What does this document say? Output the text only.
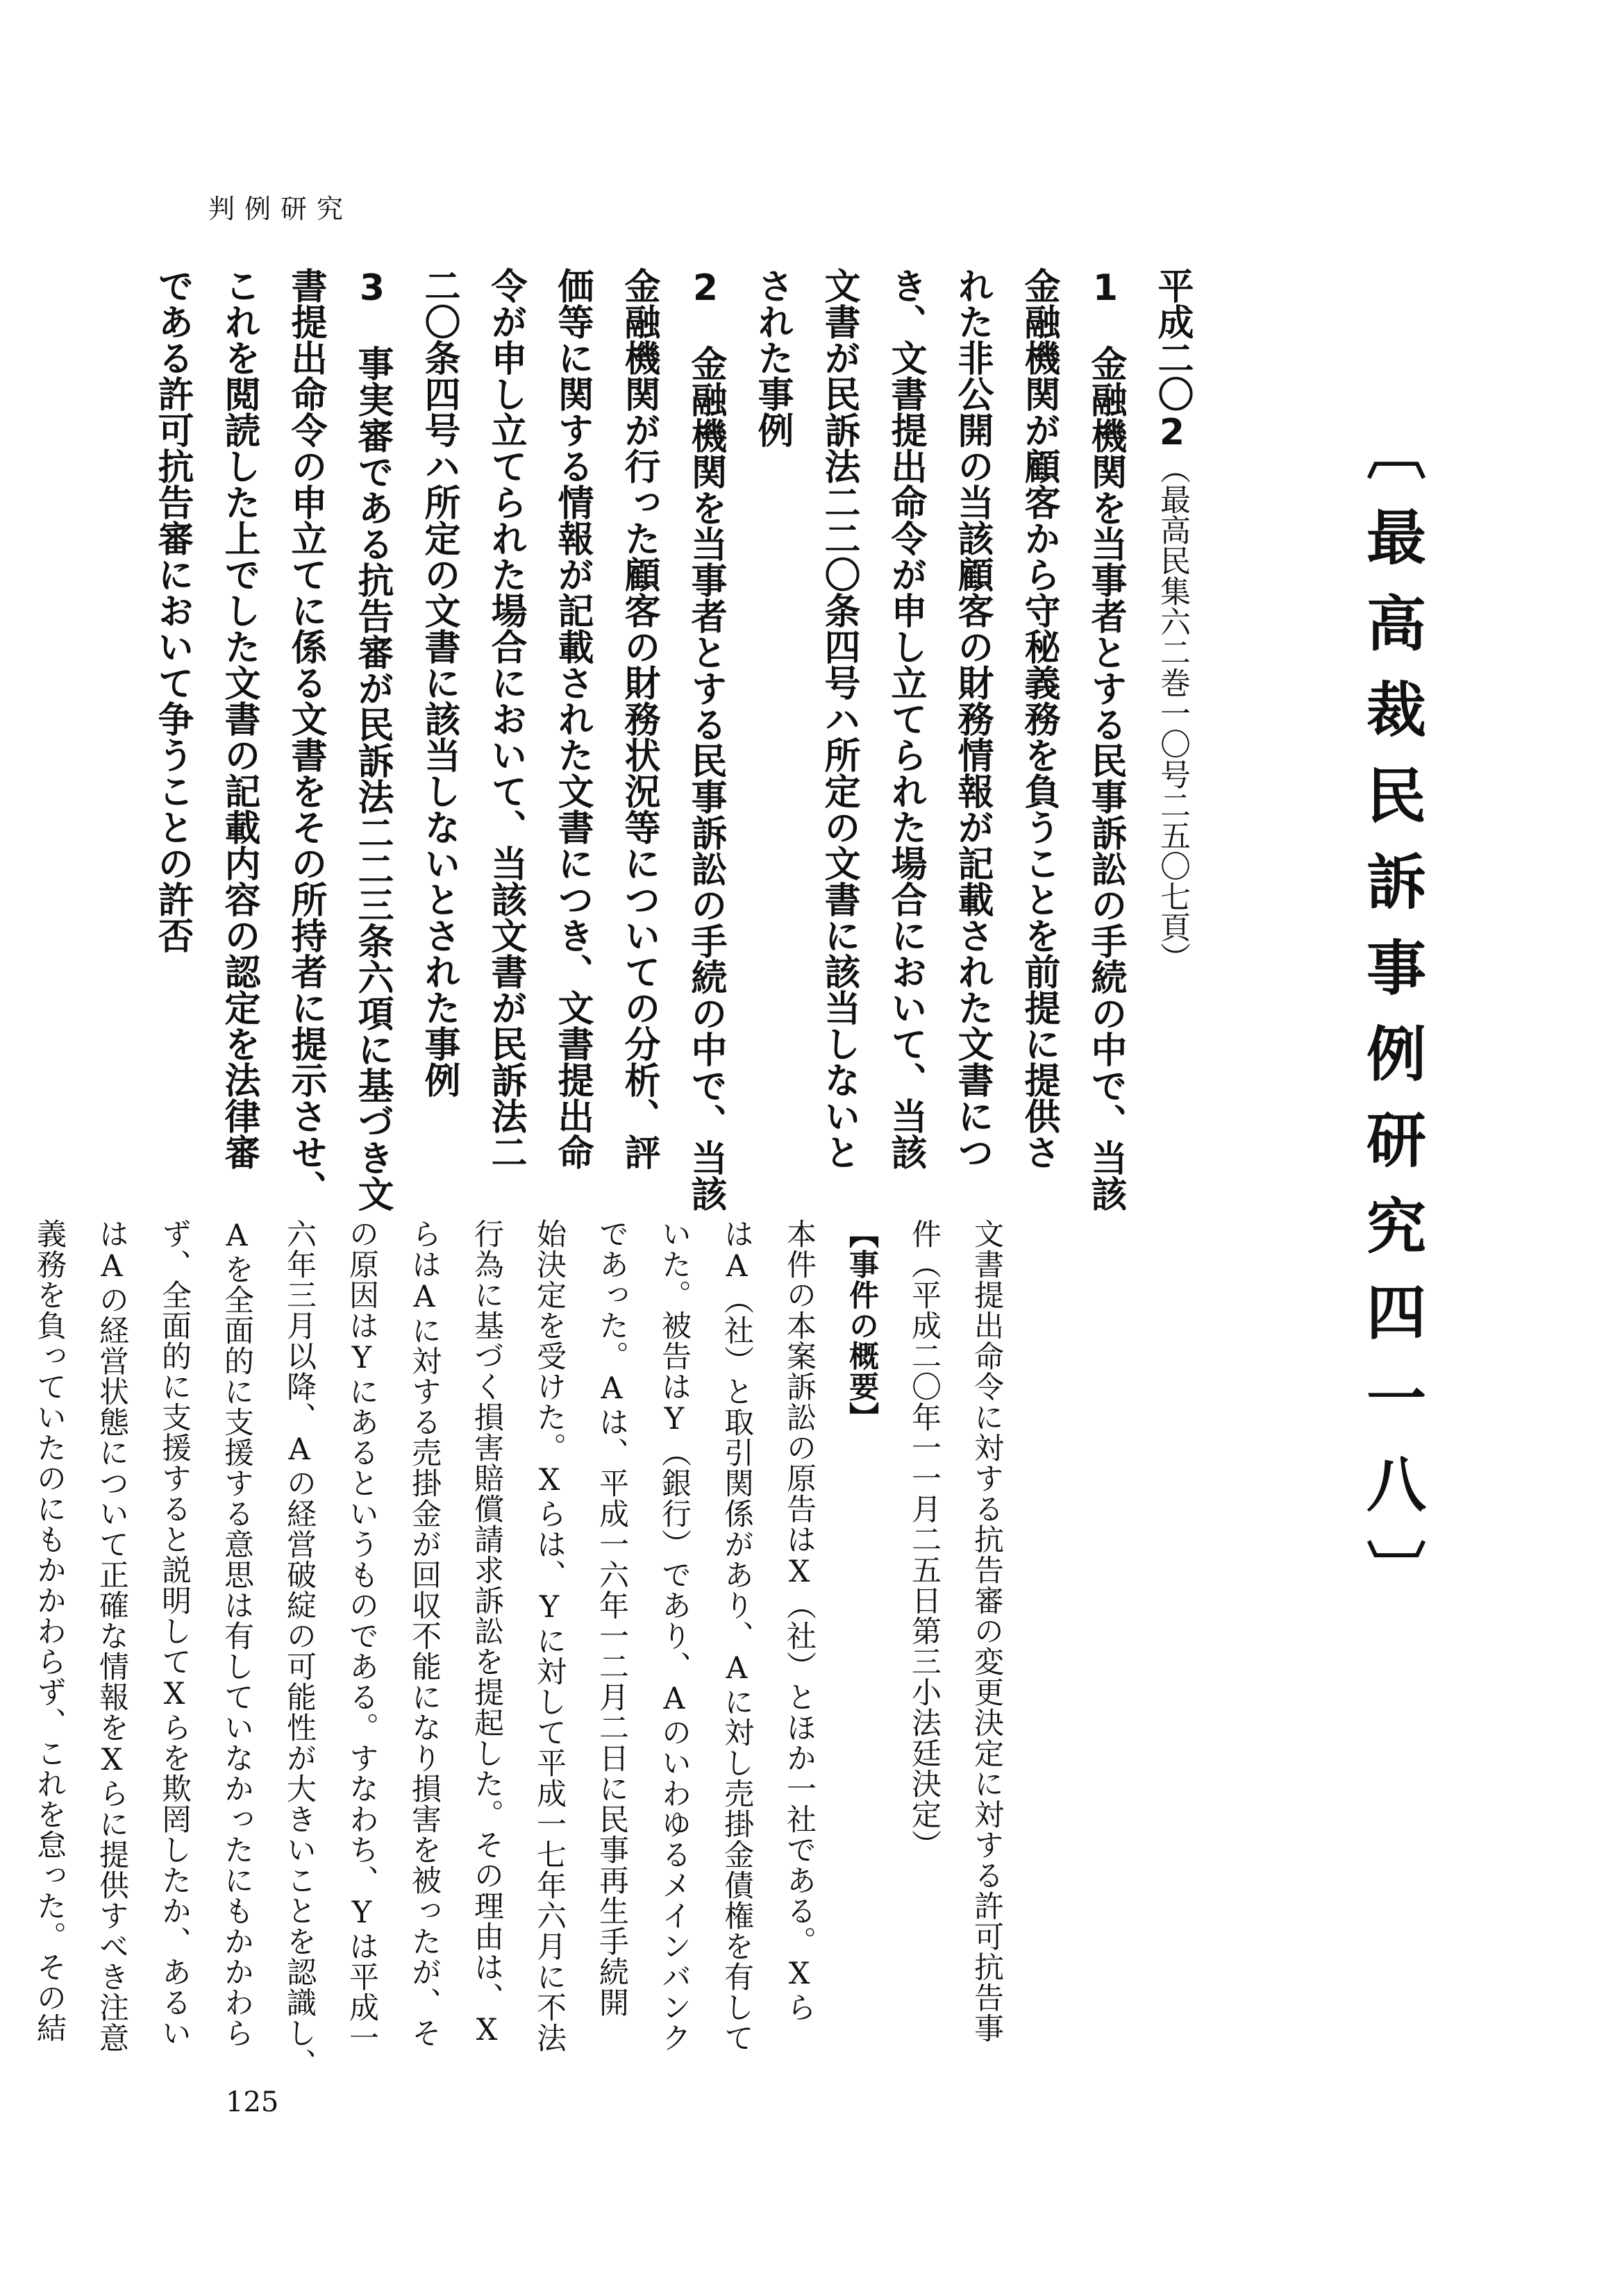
判例研究
〔最高裁民訴事例研究四一八〕

平成二〇2（最高民集六二巻一〇号二五〇七頁）

1　金融機関を当事者とする民事訴訟の手続の中で、当該
金融機関が顧客から守秘義務を負うことを前提に提供さ
れた非公開の当該顧客の財務情報が記載された文書につ
き、文書提出命令が申し立てられた場合において、当該
文書が民訴法二二〇条四号ハ所定の文書に該当しないと
された事例

2　金融機関を当事者とする民事訴訟の手続の中で、当該
金融機関が行った顧客の財務状況等についての分析、評
価等に関する情報が記載された文書につき、文書提出命
令が申し立てられた場合において、当該文書が民訴法二
二〇条四号ハ所定の文書に該当しないとされた事例

3　事実審である抗告審が民訴法二二三条六項に基づき文
書提出命令の申立てに係る文書をその所持者に提示させ、
これを閲読した上でした文書の記載内容の認定を法律審
である許可抗告審において争うことの許否

文書提出命令に対する抗告審の変更決定に対する許可抗告事
件（平成二〇年一一月二五日第三小法廷決定）

【事件の概要】

本件の本案訴訟の原告はX（社）とほか一社である。Xら
はA（社）と取引関係があり、Aに対し売掛金債権を有して
いた。被告はY（銀行）であり、Aのいわゆるメインバンク
であった。Aは、平成一六年一二月二日に民事再生手続開
始決定を受けた。Xらは、Yに対して平成一七年六月に不法
行為に基づく損害賠償請求訴訟を提起した。その理由は、X
らはAに対する売掛金が回収不能になり損害を被ったが、そ
の原因はYにあるというものである。すなわち、Yは平成一
六年三月以降、Aの経営破綻の可能性が大きいことを認識し、
Aを全面的に支援する意思は有していなかったにもかかわら
ず、全面的に支援すると説明してXらを欺罔したか、あるい
はAの経営状態について正確な情報をXらに提供すべき注意
義務を負っていたのにもかかわらず、これを怠った。その結

125
